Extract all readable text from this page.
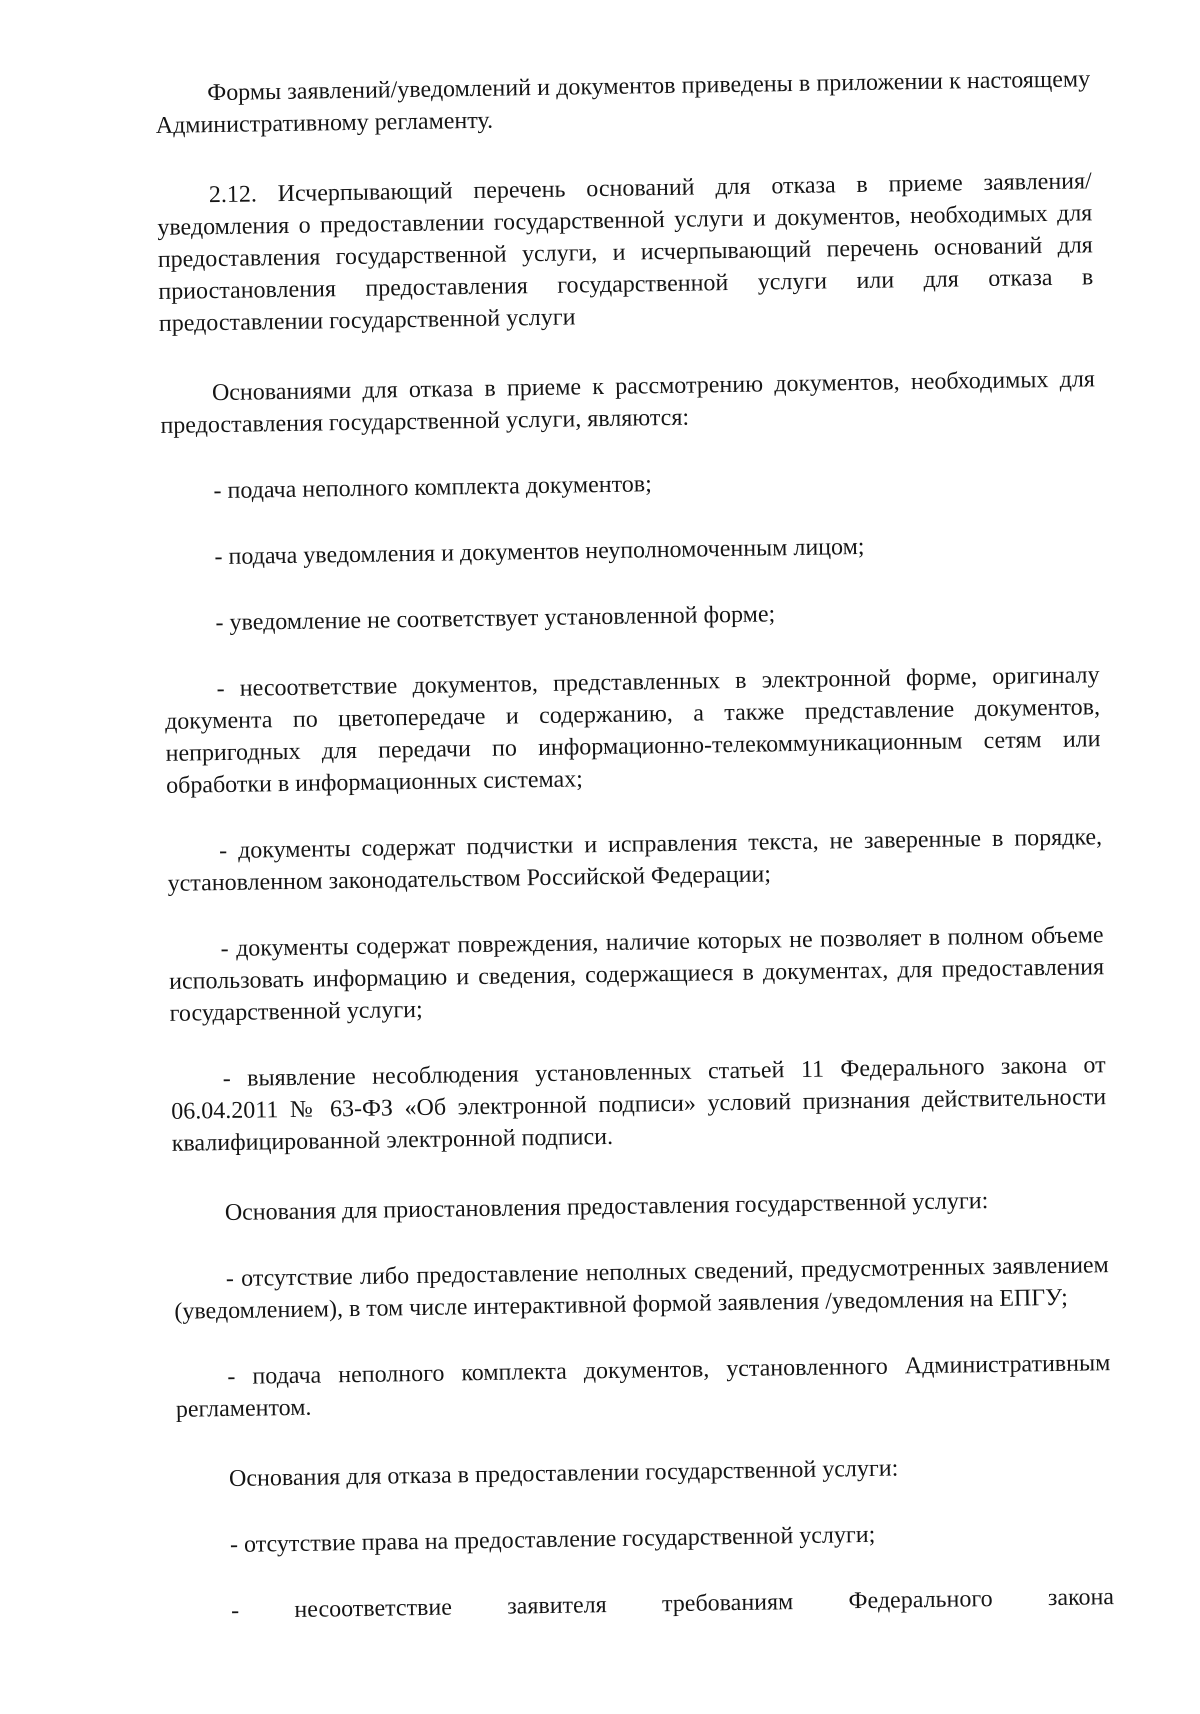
Формы заявлений/уведомлений и документов приведены в приложении к настоящему Административному регламенту.

2.12. Исчерпывающий перечень оснований для отказа в приеме заявления/уведомления о предоставлении государственной услуги и документов, необходимых для предоставления государственной услуги, и исчерпывающий перечень оснований для приостановления предоставления государственной услуги или для отказа в предоставлении государственной услуги

Основаниями для отказа в приеме к рассмотрению документов, необходимых для предоставления государственной услуги, являются:

- подача неполного комплекта документов;

- подача уведомления и документов неуполномоченным лицом;

- уведомление не соответствует установленной форме;

- несоответствие документов, представленных в электронной форме, оригиналу документа по цветопередаче и содержанию, а также представление документов, непригодных для передачи по информационно-телекоммуникационным сетям или обработки в информационных системах;

- документы содержат подчистки и исправления текста, не заверенные в порядке, установленном законодательством Российской Федерации;

- документы содержат повреждения, наличие которых не позволяет в полном объеме использовать информацию и сведения, содержащиеся в документах, для предоставления государственной услуги;

- выявление несоблюдения установленных статьей 11 Федерального закона от 06.04.2011 № 63-ФЗ «Об электронной подписи» условий признания действительности квалифицированной электронной подписи.

Основания для приостановления предоставления государственной услуги:

- отсутствие либо предоставление неполных сведений, предусмотренных заявлением (уведомлением), в том числе интерактивной формой заявления /уведомления на ЕПГУ;

- подача неполного комплекта документов, установленного Административным регламентом.

Основания для отказа в предоставлении государственной услуги:

- отсутствие права на предоставление государственной услуги;

- несоответствие заявителя требованиям Федерального закона
